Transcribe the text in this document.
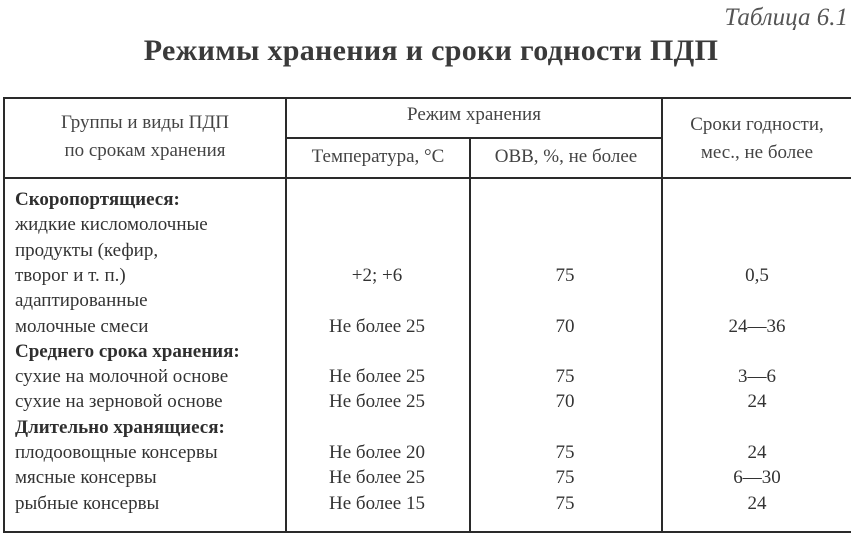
Таблица 6.1
Режимы хранения и сроки годности ПДП
Группы и виды ПДП
по срокам хранения
Режим хранения
Температура, °С	ОВВ, %, не более
Сроки годности,
мес., не более
Скоропортящиеся:
жидкие кисломолочные
продукты (кефир,
творог и т. п.)	+2; +6	75	0,5
адаптированные
молочные смеси	Не более 25	70	24—36
Среднего срока хранения:
сухие на молочной основе	Не более 25	75	3—6
сухие на зерновой основе	Не более 25	70	24
Длительно хранящиеся:
плодоовощные консервы	Не более 20	75	24
мясные консервы	Не более 25	75	6—30
рыбные консервы	Не более 15	75	24
